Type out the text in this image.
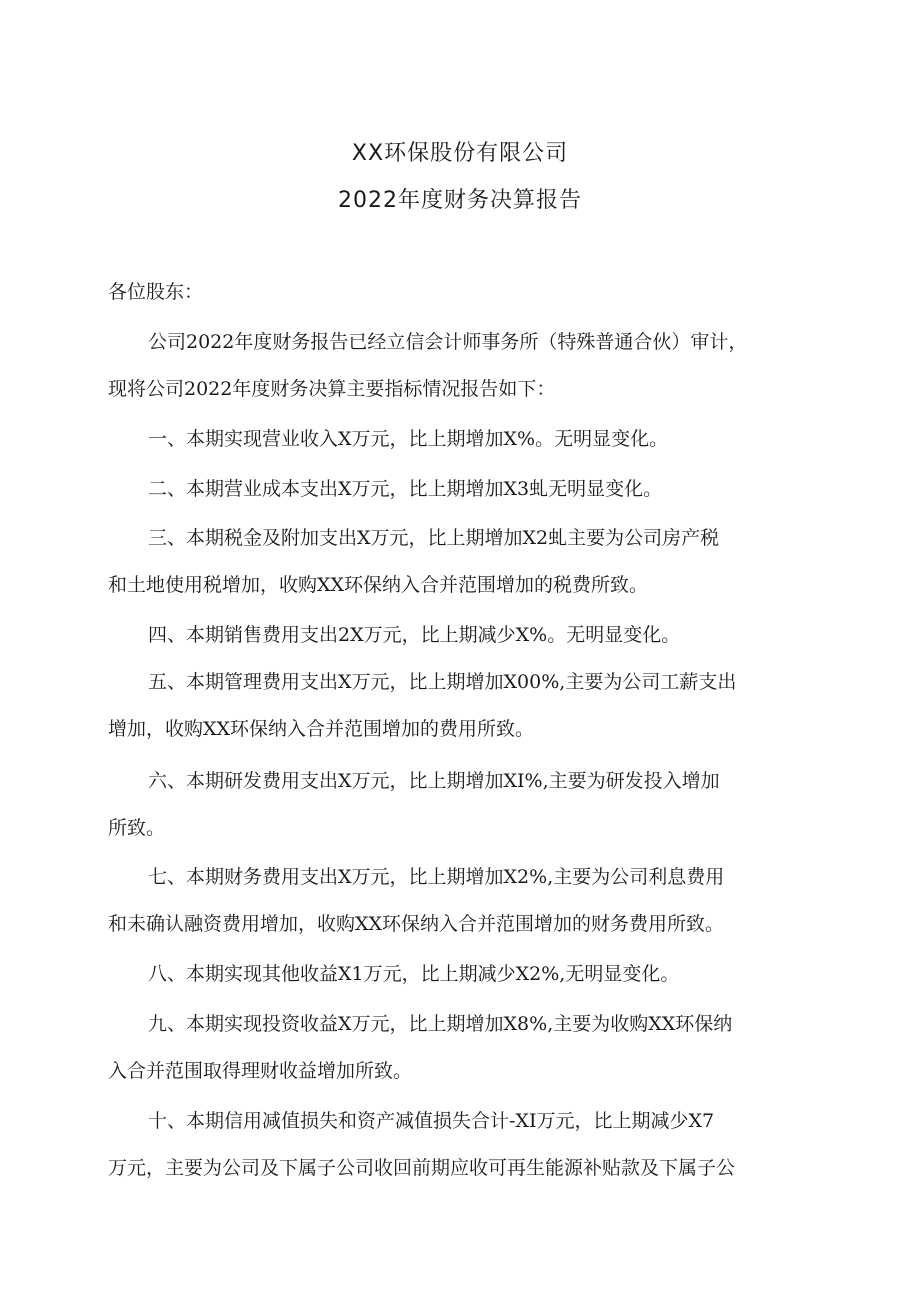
XX环保股份有限公司
2022年度财务决算报告
各位股东：
公司2022年度财务报告已经立信会计师事务所（特殊普通合伙）审计，
现将公司2022年度财务决算主要指标情况报告如下：
一、本期实现营业收入X万元，比上期增加X%。无明显变化。
二、本期营业成本支出X万元，比上期增加X3虬无明显变化。
三、本期税金及附加支出X万元，比上期增加X2虬主要为公司房产税
和土地使用税增加，收购XX环保纳入合并范围增加的税费所致。
四、本期销售费用支出2X万元，比上期减少X%。无明显变化。
五、本期管理费用支出X万元，比上期增加X00%,主要为公司工薪支出
增加，收购XX环保纳入合并范围增加的费用所致。
六、本期研发费用支出X万元，比上期增加XI%,主要为研发投入增加
所致。
七、本期财务费用支出X万元，比上期增加X2%,主要为公司利息费用
和未确认融资费用增加，收购XX环保纳入合并范围增加的财务费用所致。
八、本期实现其他收益X1万元，比上期减少X2%,无明显变化。
九、本期实现投资收益X万元，比上期增加X8%,主要为收购XX环保纳
入合并范围取得理财收益增加所致。
十、本期信用减值损失和资产减值损失合计-XI万元，比上期减少X7
万元，主要为公司及下属子公司收回前期应收可再生能源补贴款及下属子公
